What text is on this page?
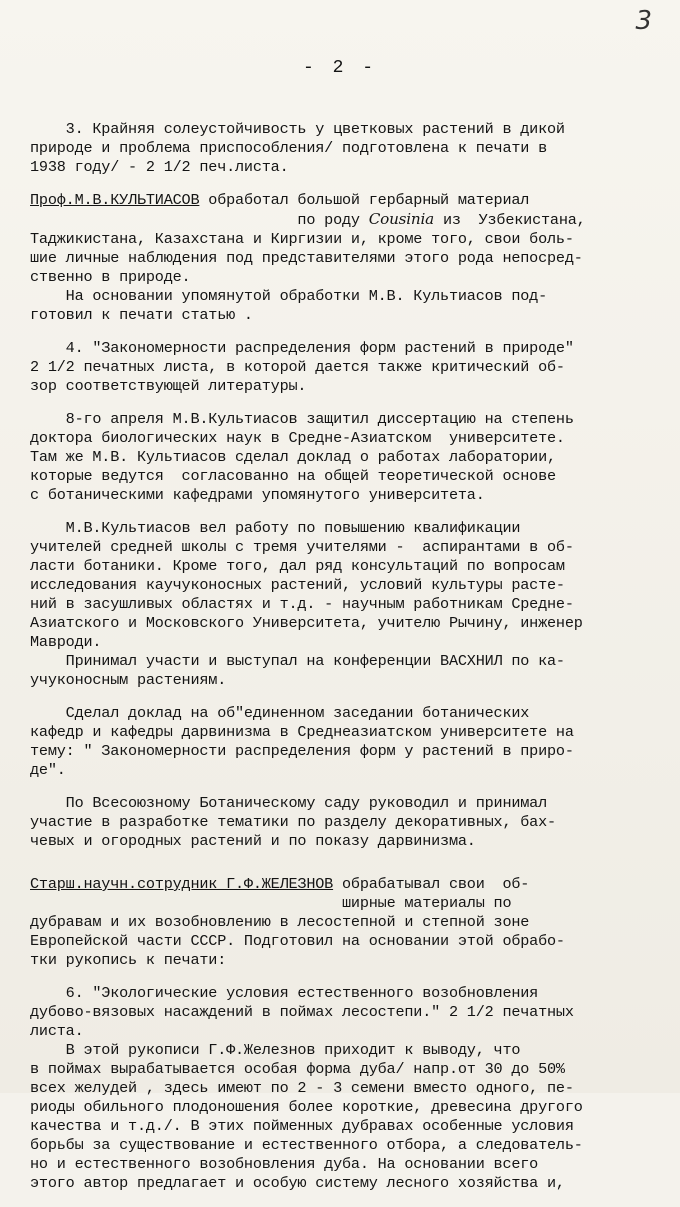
3
- 2 -

3. Крайняя солеустойчивость у цветковых растений в дикой
природе и проблема приспособления/ подготовлена к печати в
1938 году/ - 2 1/2 печ.листа.

Проф.М.В.КУЛЬТИАСОВ обработал большой гербарный материал
по роду Cousinia из  Узбекистана,
Таджикистана, Казахстана и Киргизии и, кроме того, свои боль-
шие личные наблюдения под представителями этого рода непосред-
ственно в природе.
На основании упомянутой обработки М.В. Культиасов под-
готовил к печати статью .

4. "Закономерности распределения форм растений в природе"
2 1/2 печатных листа, в которой дается также критический об-
зор соответствующей литературы.

8-го апреля М.В.Культиасов защитил диссертацию на степень
доктора биологических наук в Средне-Азиатском  университете.
Там же М.В. Культиасов сделал доклад о работах лаборатории,
которые ведутся  согласованно на общей теоретической основе
с ботаническими кафедрами упомянутого университета.

М.В.Культиасов вел работу по повышению квалификации
учителей средней школы с тремя учителями -  аспирантами в об-
ласти ботаники. Кроме того, дал ряд консультаций по вопросам
исследования каучуконосных растений, условий культуры расте-
ний в засушливых областях и т.д. - научным работникам Средне-
Азиатского и Московского Университета, учителю Рычину, инженер
Мавроди.
Принимал участи и выступал на конференции ВАСХНИЛ по ка-
учуконосным растениям.

Сделал доклад на об"единенном заседании ботанических
кафедр и кафедры дарвинизма в Среднеазиатском университете на
тему: " Закономерности распределения форм у растений в приро-
де".

По Всесоюзному Ботаническому саду руководил и принимал
участие в разработке тематики по разделу декоративных, бах-
чевых и огородных растений и по показу дарвинизма.

Старш.научн.сотрудник Г.Ф.ЖЕЛЕЗНОВ обрабатывал свои  об-
ширные материалы по
дубравам и их возобновлению в лесостепной и степной зоне
Европейской части СССР. Подготовил на основании этой обрабо-
тки рукопись к печати:

6. "Экологические условия естественного возобновления
дубово-вязовых насаждений в поймах лесостепи." 2 1/2 печатных
листа.

В этой рукописи Г.Ф.Железнов приходит к выводу, что
в поймах вырабатывается особая форма дуба/ напр.от 30 до 50%
всех желудей , здесь имеют по 2 - 3 семени вместо одного, пе-
риоды обильного плодоношения более короткие, древесина другого
качества и т.д./. В этих пойменных дубравах особенные условия
борьбы за существование и естественного отбора, а следователь-
но и естественного возобновления дуба. На основании всего
этого автор предлагает и особую систему лесного хозяйства и,
